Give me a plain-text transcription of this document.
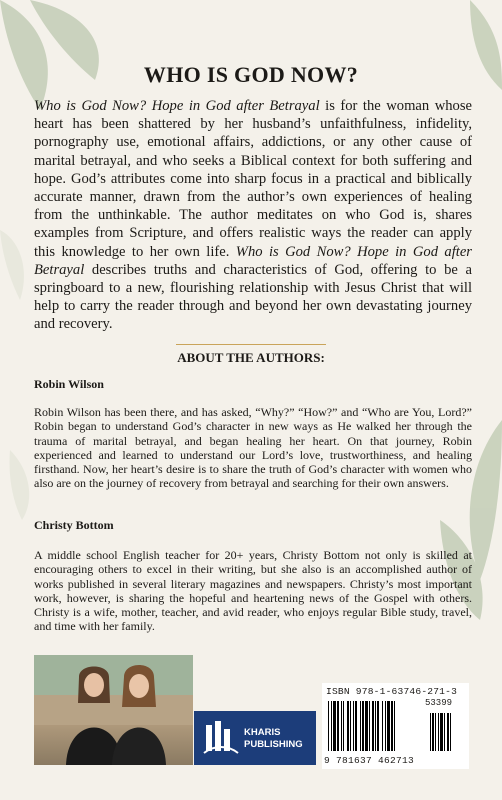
WHO IS GOD NOW?

Who is God Now? Hope in God after Betrayal is for the woman whose heart has been shattered by her husband’s unfaithfulness, infidelity, pornography use, emotional affairs, addictions, or any other cause of marital betrayal, and who seeks a Biblical context for both suffering and hope. God’s attributes come into sharp focus in a practical and biblically accurate manner, drawn from the author’s own experiences of healing from the unthinkable. The author meditates on who God is, shares examples from Scripture, and offers realistic ways the reader can apply this knowledge to her own life. Who is God Now? Hope in God after Betrayal describes truths and characteristics of God, offering to be a springboard to a new, flourishing relationship with Jesus Christ that will help to carry the reader through and beyond her own devastating journey and recovery.

ABOUT THE AUTHORS:
Robin Wilson

Robin Wilson has been there, and has asked, “Why?” “How?” and “Who are You, Lord?” Robin began to understand God’s character in new ways as He walked her through the trauma of marital betrayal, and began healing her heart. On that journey, Robin experienced and learned to understand our Lord’s love, trustworthiness, and healing firsthand. Now, her heart’s desire is to share the truth of God’s character with women who also are on the journey of recovery from betrayal and searching for their own answers.

Christy Bottom

A middle school English teacher for 20+ years, Christy Bottom not only is skilled at encouraging others to excel in their writing, but she also is an accomplished author of works published in several literary magazines and newspapers. Christy’s most important work, however, is sharing the hopeful and heartening news of the Gospel with others. Christy is a wife, mother, teacher, and avid reader, who enjoys regular Bible study, travel, and time with her family.

KHARIS
PUBLISHING
ISBN 978-1-63746-271-3
53399
9 781637 462713
